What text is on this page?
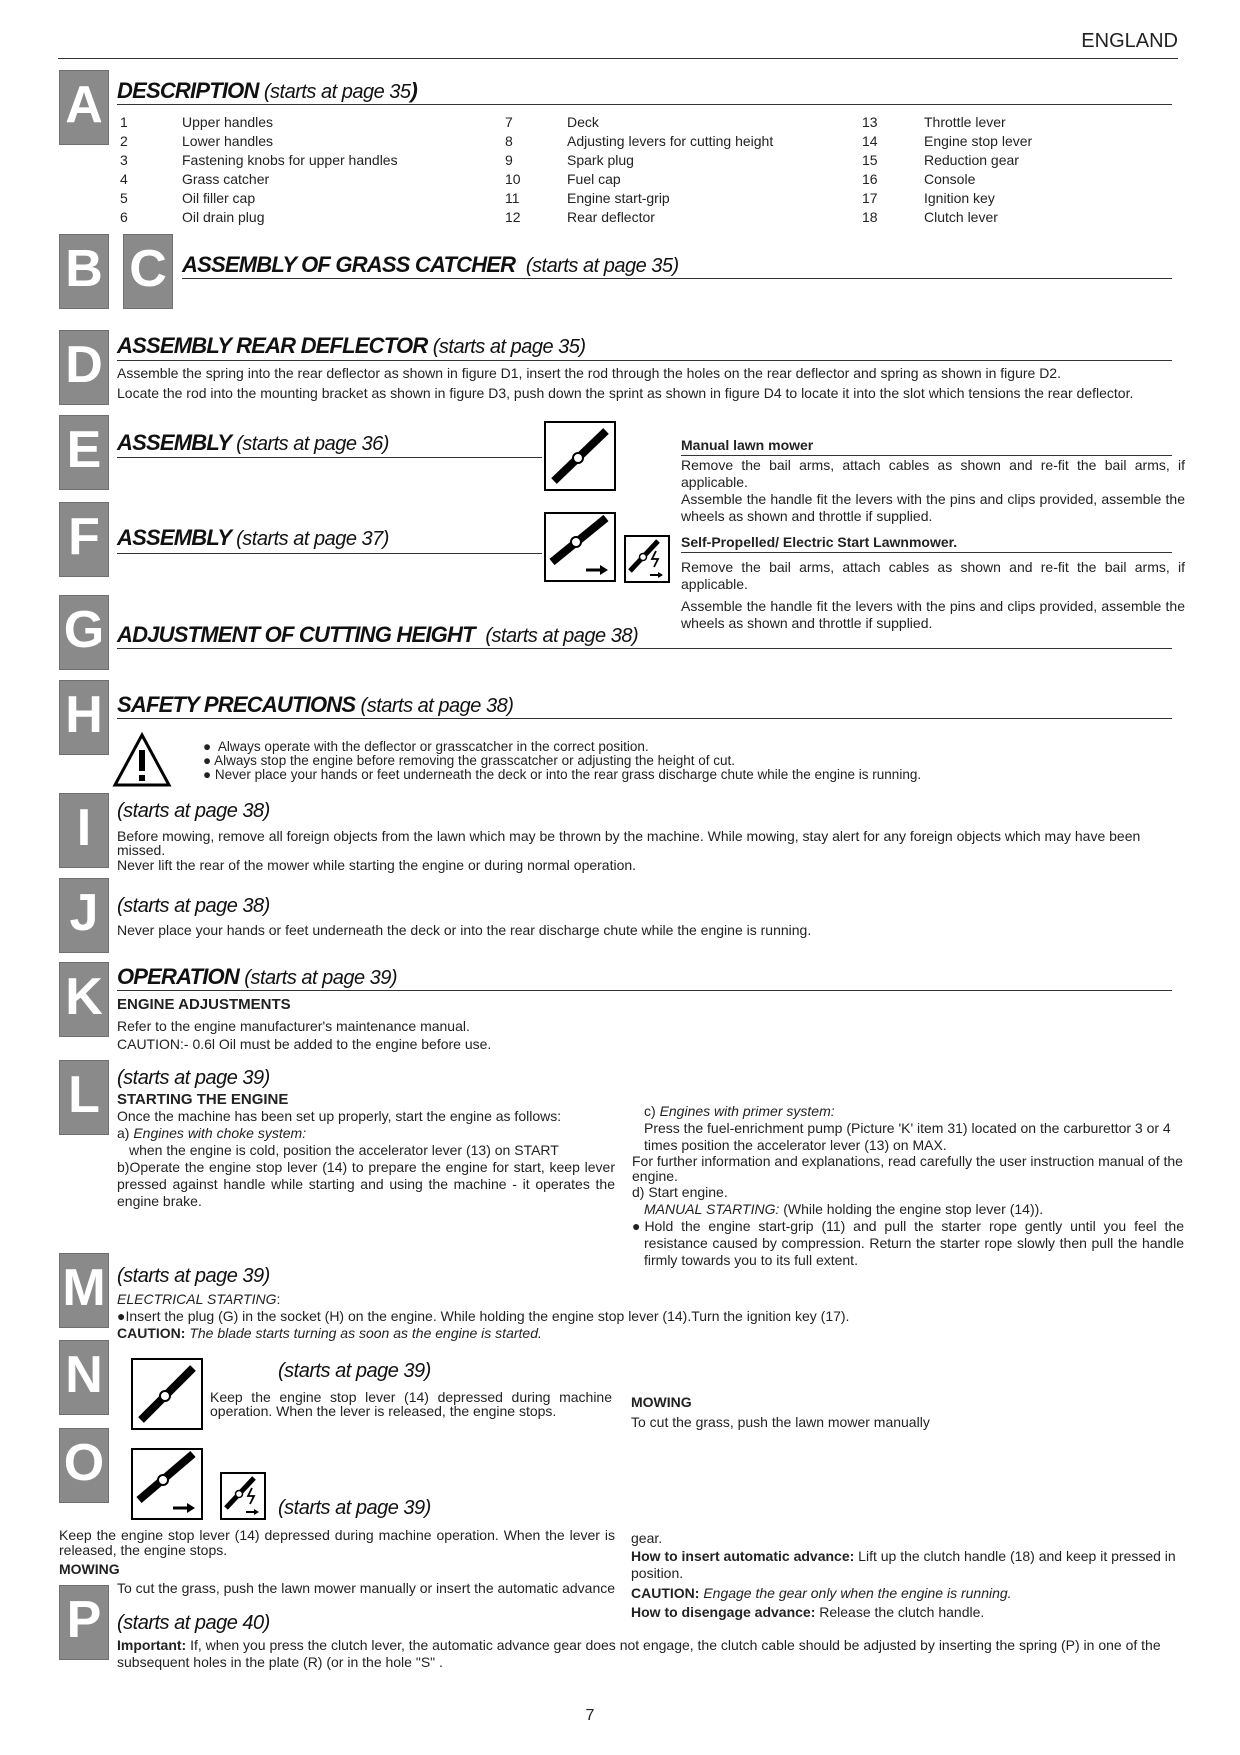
ENGLAND
A
B C
D
E
F
G
H
I
J
K
L
M
N
O
P
DESCRIPTION (starts at page 35)
1	Upper handles
2	Lower handles
3	Fastening knobs for upper handles
4	Grass catcher
5	Oil filler cap
6	Oil drain plug
7	Deck
8	Adjusting levers for cutting height
9	Spark plug
10	Fuel cap
11	Engine start-grip
12	Rear deflector
13	Throttle lever
14	Engine stop lever
15	Reduction gear
16	Console
17	Ignition key
18	Clutch lever
ASSEMBLY OF GRASS CATCHER (starts at page 35)
ASSEMBLY REAR DEFLECTOR (starts at page 35)
Assemble the spring into the rear deflector as shown in figure D1, insert the rod through the holes on the rear deflector and spring as shown in figure D2.
Locate the rod into the mounting bracket as shown in figure D3, push down the sprint as shown in figure D4 to locate it into the slot which tensions the rear deflector.
ASSEMBLY (starts at page 36)	Manual lawn mower
Remove the bail arms, attach cables as shown and re-fit the bail arms, if applicable.
Assemble the handle fit the levers with the pins and clips provided, assemble the wheels as shown and throttle if supplied.
ASSEMBLY (starts at page 37)	Self-Propelled/ Electric Start Lawnmower.
Remove the bail arms, attach cables as shown and re-fit the bail arms, if applicable.
Assemble the handle fit the levers with the pins and clips provided, assemble the wheels as shown and throttle if supplied.
ADJUSTMENT OF CUTTING HEIGHT (starts at page 38)
SAFETY PRECAUTIONS (starts at page 38)
●  Always operate with the deflector or grasscatcher in the correct position.
● Always stop the engine before removing the grasscatcher or adjusting the height of cut.
● Never place your hands or feet underneath the deck or into the rear grass discharge chute while the engine is running.
(starts at page 38)
Before mowing, remove all foreign objects from the lawn which may be thrown by the machine. While mowing, stay alert for any foreign objects which may have been missed.
Never lift the rear of the mower while starting the engine or during normal operation.
(starts at page 38)
Never place your hands or feet underneath the deck or into the rear discharge chute while the engine is running.
OPERATION (starts at page 39)
ENGINE ADJUSTMENTS
Refer to the engine manufacturer's maintenance manual.
CAUTION:- 0.6l Oil must be added to the engine before use.
(starts at page 39)
STARTING THE ENGINE
Once the machine has been set up properly, start the engine as follows:
a) Engines with choke system:
when the engine is cold, position the accelerator lever (13) on START
b)Operate the engine stop lever (14) to prepare the engine for start, keep lever pressed against handle while starting and using the machine - it operates the engine brake.
c) Engines with primer system:
Press the fuel-enrichment pump (Picture 'K' item 31) located on the carburettor 3 or 4 times position the accelerator lever (13) on MAX.
For further information and explanations, read carefully the user instruction manual of the engine.
d) Start engine.
MANUAL STARTING: (While holding the engine stop lever (14)).
●Hold the engine start-grip (11) and pull the starter rope gently until you feel the resistance caused by compression. Return the starter rope slowly then pull the handle firmly towards you to its full extent.
(starts at page 39)
ELECTRICAL STARTING:
●Insert the plug (G) in the socket (H) on the engine. While holding the engine stop lever (14).Turn the ignition key (17).
CAUTION: The blade starts turning as soon as the engine is started.
(starts at page 39)
Keep the engine stop lever (14) depressed during machine operation. When the lever is released, the engine stops.
MOWING
To cut the grass, push the lawn mower manually
(starts at page 39)
Keep the engine stop lever (14) depressed during machine operation. When the lever is released, the engine stops.
MOWING
To cut the grass, push the lawn mower manually or insert the automatic advance
gear.
How to insert automatic advance: Lift up the clutch handle (18) and keep it pressed in position.
CAUTION: Engage the gear only when the engine is running.
How to disengage advance: Release the clutch handle.
(starts at page 40)
Important: If, when you press the clutch lever, the automatic advance gear does not engage, the clutch cable should be adjusted by inserting the spring (P) in one of the subsequent holes in the plate (R) (or in the hole "S" .
7
